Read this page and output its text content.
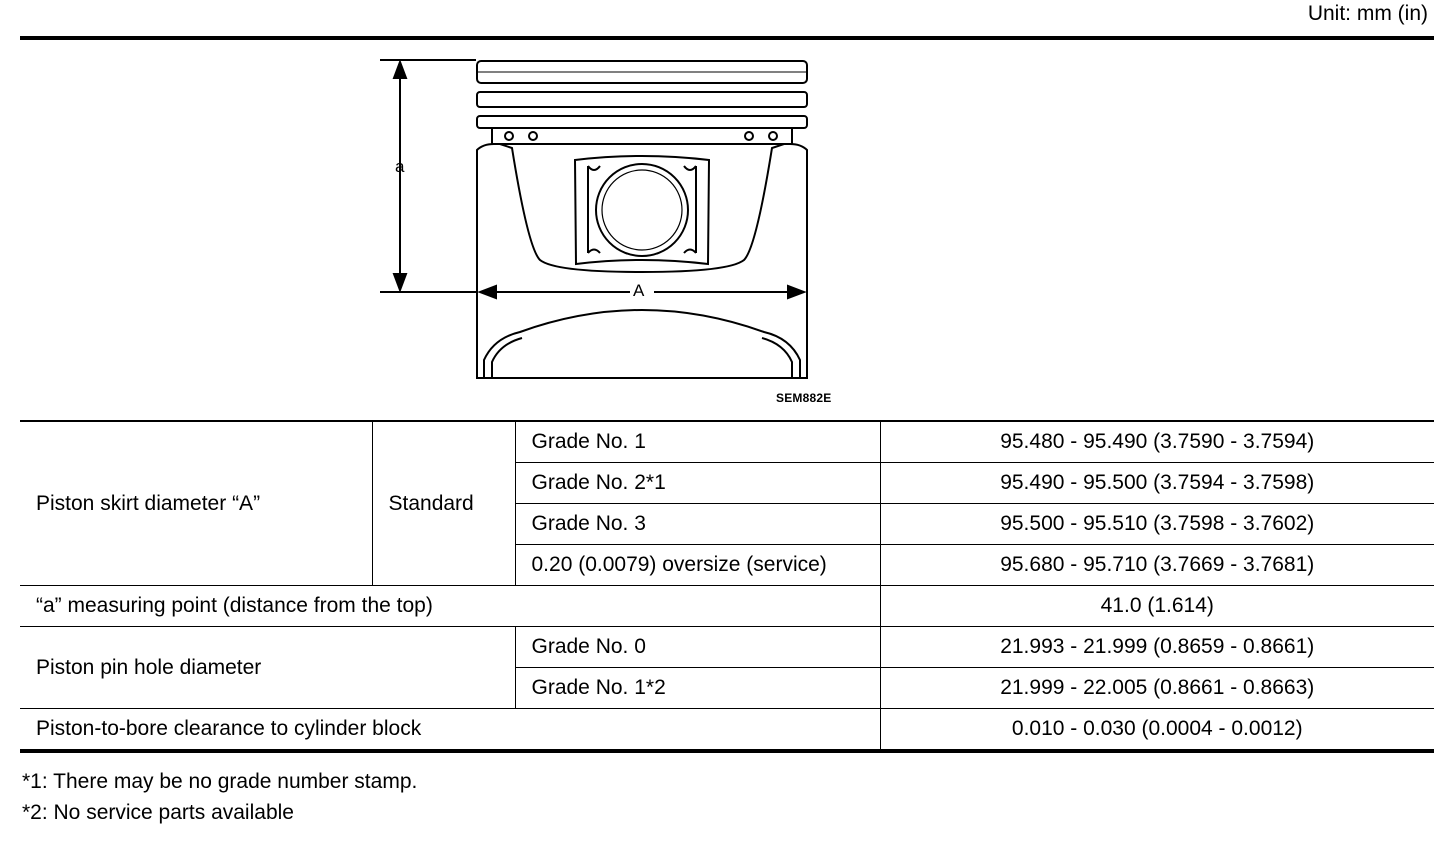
Unit: mm (in)
a
A
SEM882E
Piston skirt diameter “A”	Standard	Grade No. 1	95.480 - 95.490 (3.7590 - 3.7594)
		Grade No. 2*1	95.490 - 95.500 (3.7594 - 3.7598)
		Grade No. 3	95.500 - 95.510 (3.7598 - 3.7602)
		0.20 (0.0079) oversize (service)	95.680 - 95.710 (3.7669 - 3.7681)
“a” measuring point (distance from the top)			41.0 (1.614)
Piston pin hole diameter		Grade No. 0	21.993 - 21.999 (0.8659 - 0.8661)
		Grade No. 1*2	21.999 - 22.005 (0.8661 - 0.8663)
Piston-to-bore clearance to cylinder block			0.010 - 0.030 (0.0004 - 0.0012)
*1: There may be no grade number stamp.
*2: No service parts available
